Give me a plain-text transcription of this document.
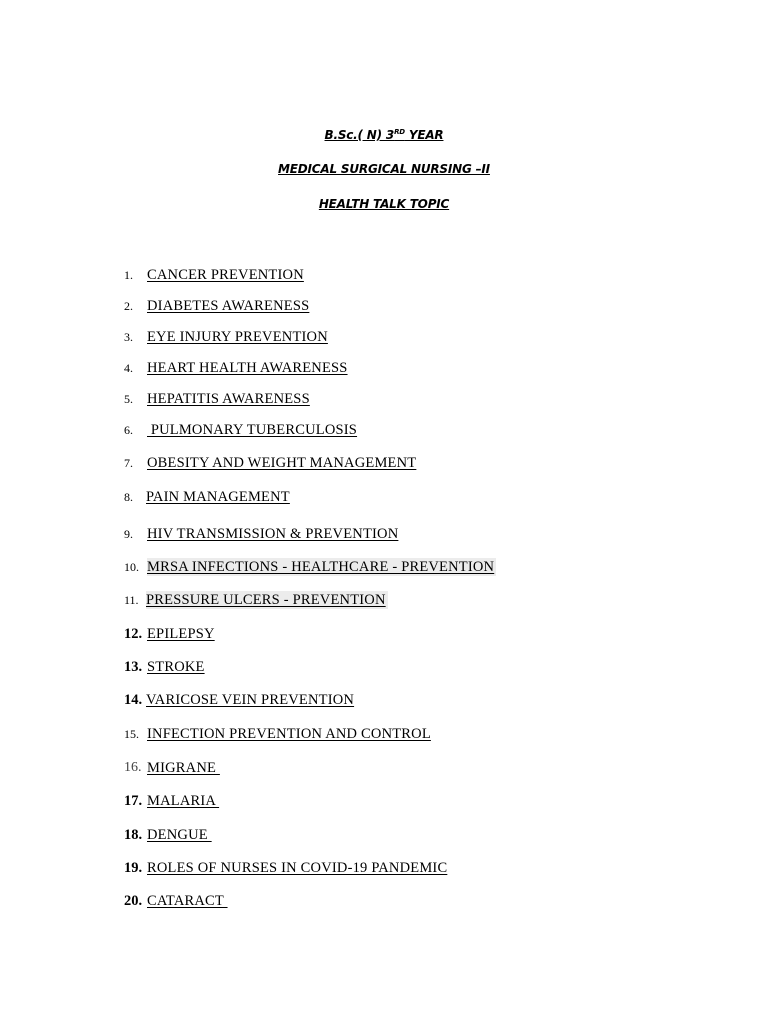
B.Sc.( N) 3RD YEAR
MEDICAL SURGICAL NURSING –II
HEALTH TALK TOPIC
1. CANCER PREVENTION
2. DIABETES AWARENESS
3. EYE INJURY PREVENTION
4. HEART HEALTH AWARENESS
5. HEPATITIS AWARENESS
6. PULMONARY TUBERCULOSIS
7. OBESITY AND WEIGHT MANAGEMENT
8. PAIN MANAGEMENT
9. HIV TRANSMISSION & PREVENTION
10. MRSA INFECTIONS - HEALTHCARE - PREVENTION
11. PRESSURE ULCERS - PREVENTION
12. EPILEPSY
13. STROKE
14. VARICOSE VEIN PREVENTION
15. INFECTION PREVENTION AND CONTROL
16. MIGRANE
17. MALARIA
18. DENGUE
19. ROLES OF NURSES IN COVID-19 PANDEMIC
20. CATARACT
